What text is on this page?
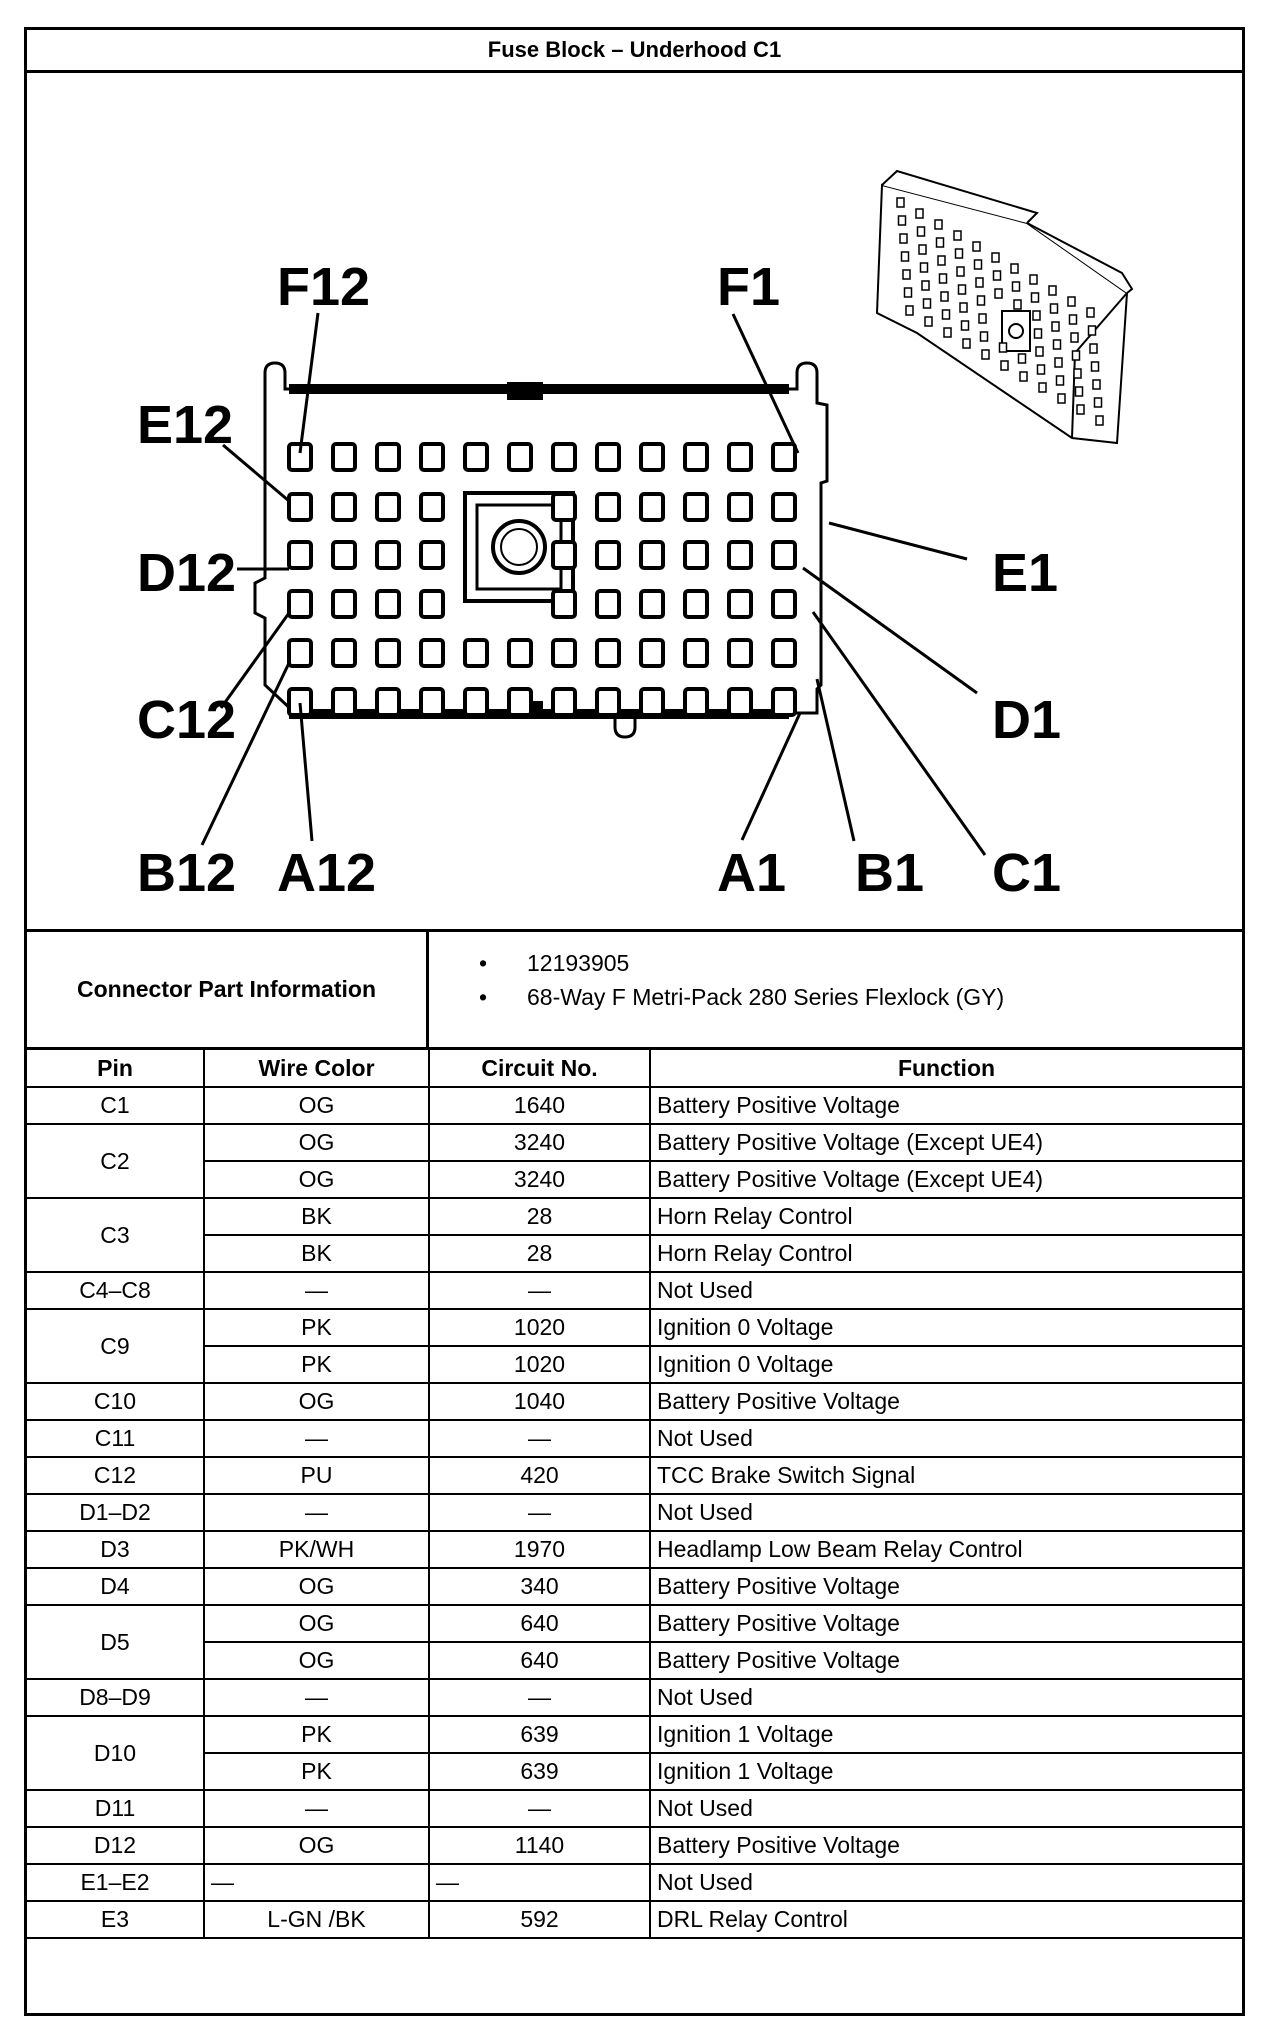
Fuse Block – Underhood C1
F12	F1
E12
E1
D12
D1
C12
C1
B12 A12	A1 B1
Connector Part Information
• 12193905
• 68-Way F Metri-Pack 280 Series Flexlock (GY)
Pin	Wire Color	Circuit No.	Function
C1	OG	1640	Battery Positive Voltage
C2	OG	3240	Battery Positive Voltage (Except UE4)
	OG	3240	Battery Positive Voltage (Except UE4)
C3	BK	28	Horn Relay Control
	BK	28	Horn Relay Control
C4–C8	—	—	Not Used
C9	PK	1020	Ignition 0 Voltage
	PK	1020	Ignition 0 Voltage
C10	OG	1040	Battery Positive Voltage
C11	—	—	Not Used
C12	PU	420	TCC Brake Switch Signal
D1–D2	—	—	Not Used
D3	PK/WH	1970	Headlamp Low Beam Relay Control
D4	OG	340	Battery Positive Voltage
D5	OG	640	Battery Positive Voltage
	OG	640	Battery Positive Voltage
D8–D9	—	—	Not Used
D10	PK	639	Ignition 1 Voltage
	PK	639	Ignition 1 Voltage
D11	—	—	Not Used
D12	OG	1140	Battery Positive Voltage
E1–E2	—	—	Not Used
E3	L-GN /BK	592	DRL Relay Control
